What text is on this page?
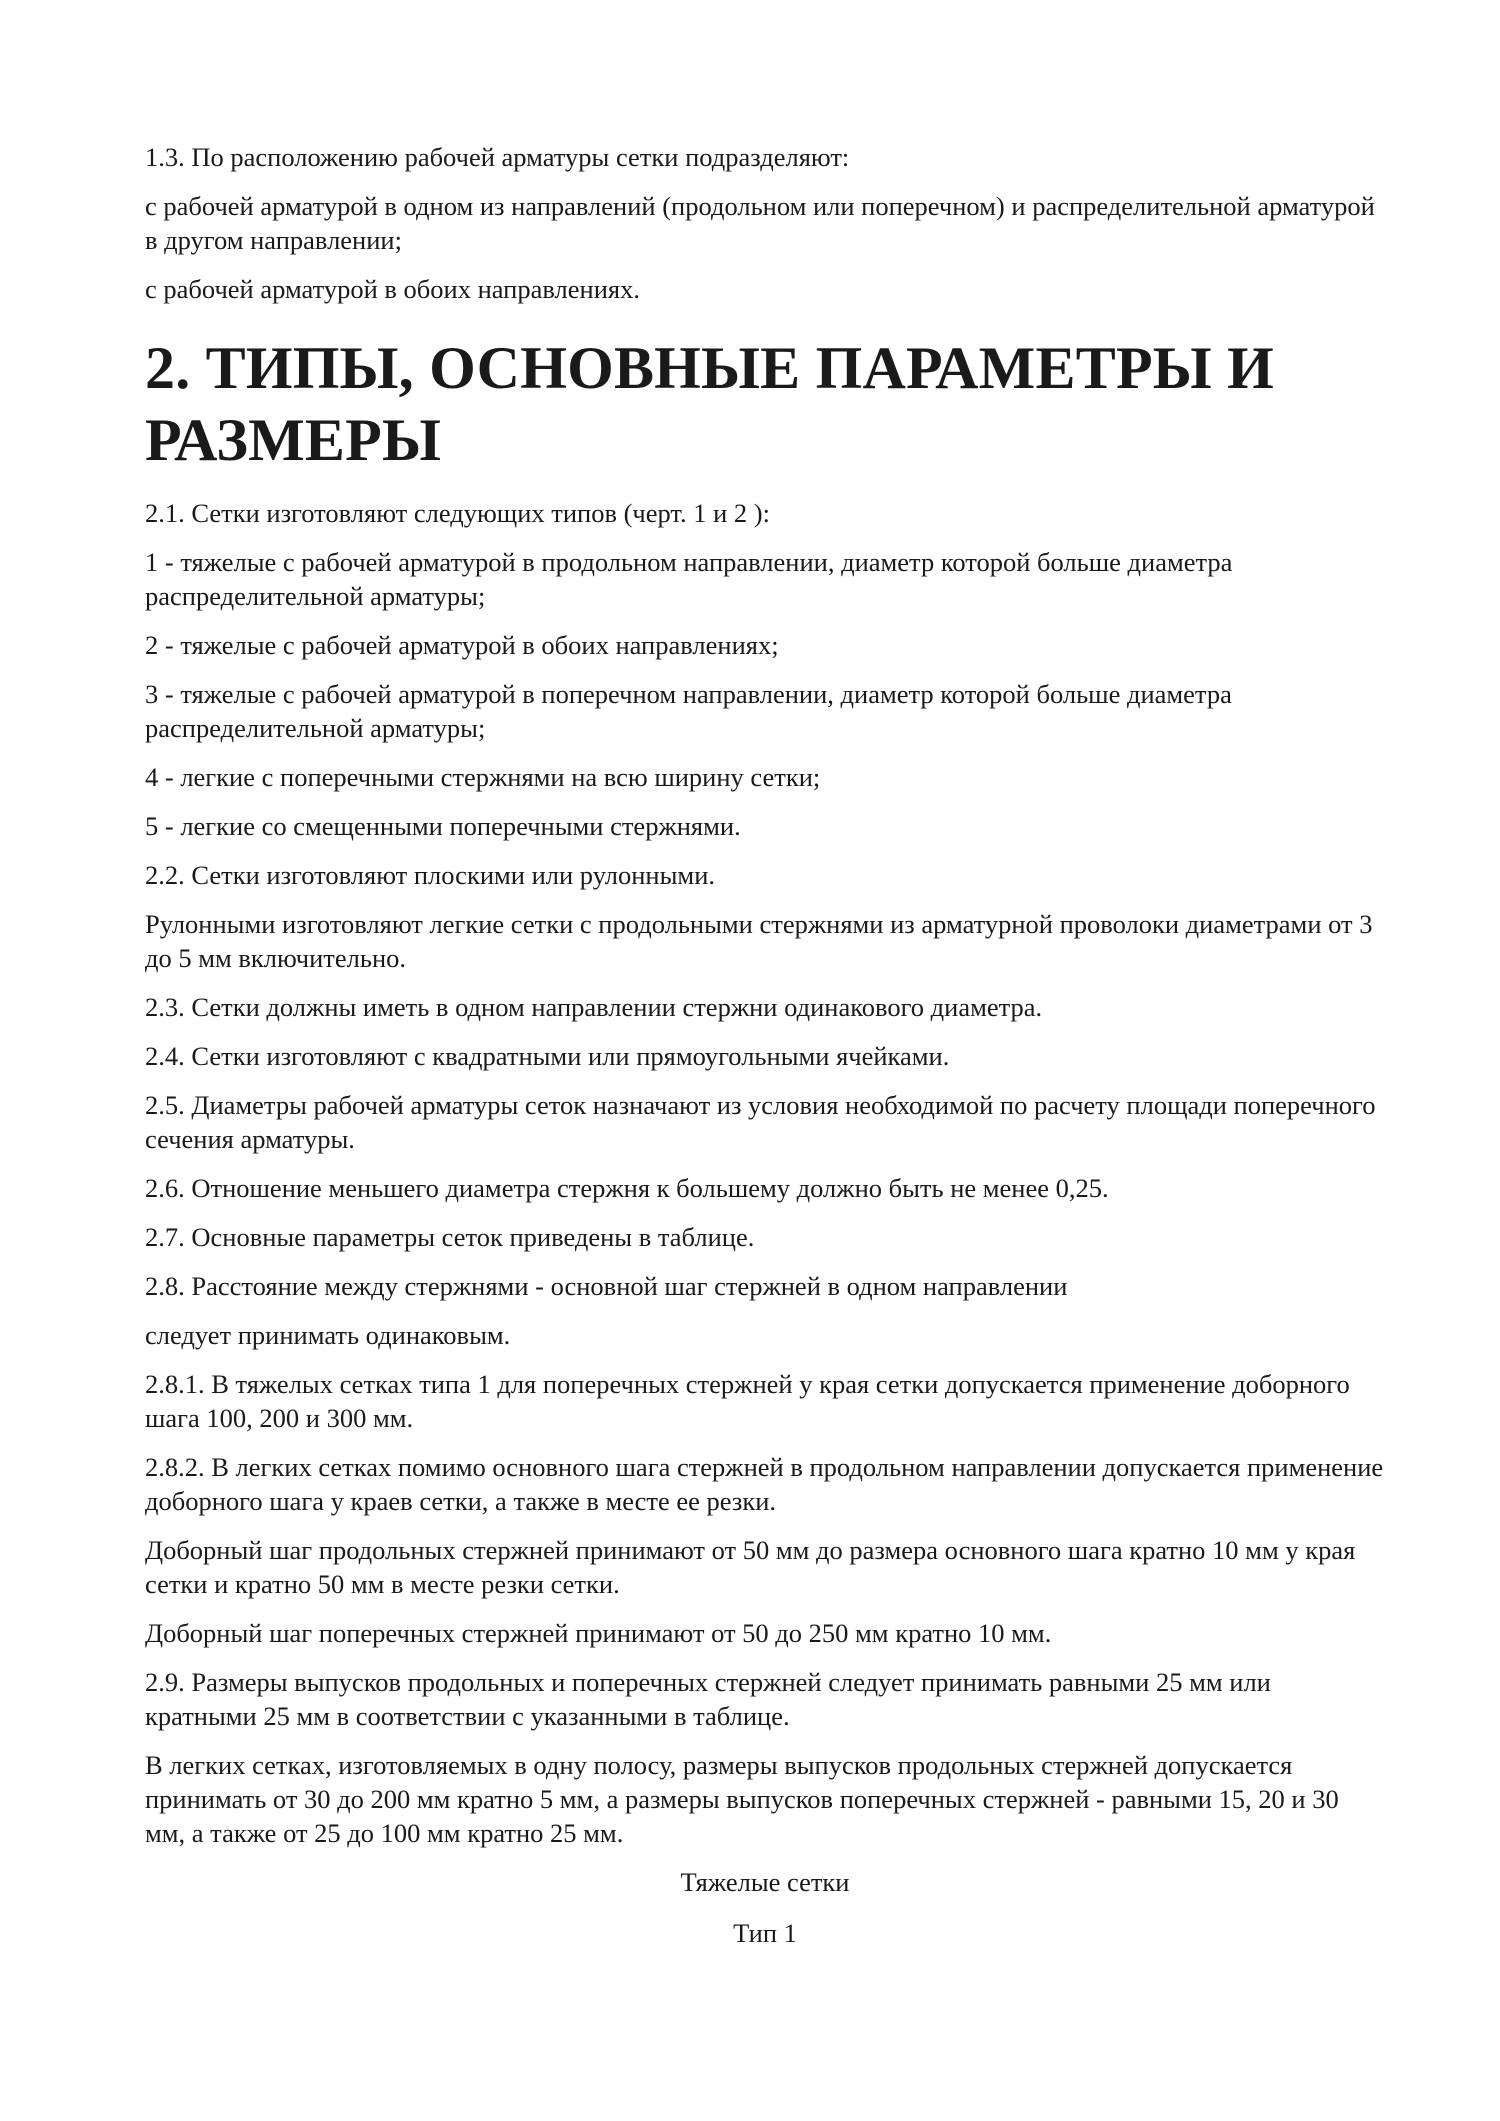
1.3. По расположению рабочей арматуры сетки подразделяют:

с рабочей арматурой в одном из направлений (продольном или поперечном) и распределительной арматурой в другом направлении;

с рабочей арматурой в обоих направлениях.

2. ТИПЫ, ОСНОВНЫЕ ПАРАМЕТРЫ И РАЗМЕРЫ

2.1. Сетки изготовляют следующих типов (черт. 1 и 2 ):

1 - тяжелые с рабочей арматурой в продольном направлении, диаметр которой больше диаметра распределительной арматуры;

2 - тяжелые с рабочей арматурой в обоих направлениях;

3 - тяжелые с рабочей арматурой в поперечном направлении, диаметр которой больше диаметра распределительной арматуры;

4 - легкие с поперечными стержнями на всю ширину сетки;

5 - легкие со смещенными поперечными стержнями.

2.2. Сетки изготовляют плоскими или рулонными.

Рулонными изготовляют легкие сетки с продольными стержнями из арматурной проволоки диаметрами от 3 до 5 мм включительно.

2.3. Сетки должны иметь в одном направлении стержни одинакового диаметра.

2.4. Сетки изготовляют с квадратными или прямоугольными ячейками.

2.5. Диаметры рабочей арматуры сеток назначают из условия необходимой по расчету площади поперечного сечения арматуры.

2.6. Отношение меньшего диаметра стержня к большему должно быть не менее 0,25.

2.7. Основные параметры сеток приведены в таблице.

2.8. Расстояние между стержнями - основной шаг стержней в одном направлении

следует принимать одинаковым.

2.8.1. В тяжелых сетках типа 1 для поперечных стержней у края сетки допускается применение доборного шага 100, 200 и 300 мм.

2.8.2. В легких сетках помимо основного шага стержней в продольном направлении допускается применение доборного шага у краев сетки, а также в месте ее резки.

Доборный шаг продольных стержней принимают от 50 мм до размера основного шага кратно 10 мм у края сетки и кратно 50 мм в месте резки сетки.

Доборный шаг поперечных стержней принимают от 50 до 250 мм кратно 10 мм.

2.9. Размеры выпусков продольных и поперечных стержней следует принимать равными 25 мм или кратными 25 мм в соответствии с указанными в таблице.

В легких сетках, изготовляемых в одну полосу, размеры выпусков продольных стержней допускается принимать от 30 до 200 мм кратно 5 мм, а размеры выпусков поперечных стержней - равными 15, 20 и 30 мм, а также от 25 до 100 мм кратно 25 мм.

Тяжелые сетки

Тип 1
